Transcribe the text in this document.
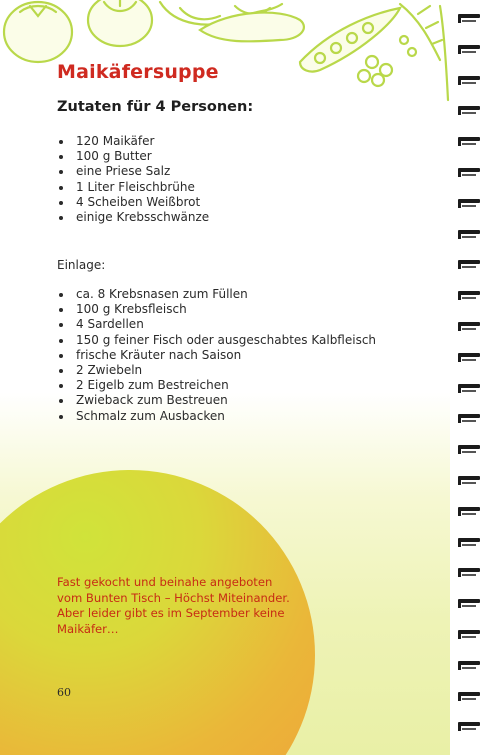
Maikäfersuppe
Zutaten für 4 Personen:
120 Maikäfer
100 g Butter
eine Priese Salz
1 Liter Fleischbrühe
4 Scheiben Weißbrot
einige Krebsschwänze

Einlage:

ca. 8 Krebsnasen zum Füllen
100 g Krebsfleisch
4 Sardellen
150 g feiner Fisch oder ausgeschabtes Kalbfleisch
frische Kräuter nach Saison
2 Zwiebeln
2 Eigelb zum Bestreichen
Zwieback zum Bestreuen
Schmalz zum Ausbacken

Fast gekocht und beinahe angeboten
vom Bunten Tisch – Höchst Miteinander.
Aber leider gibt es im September keine
Maikäfer…

60
